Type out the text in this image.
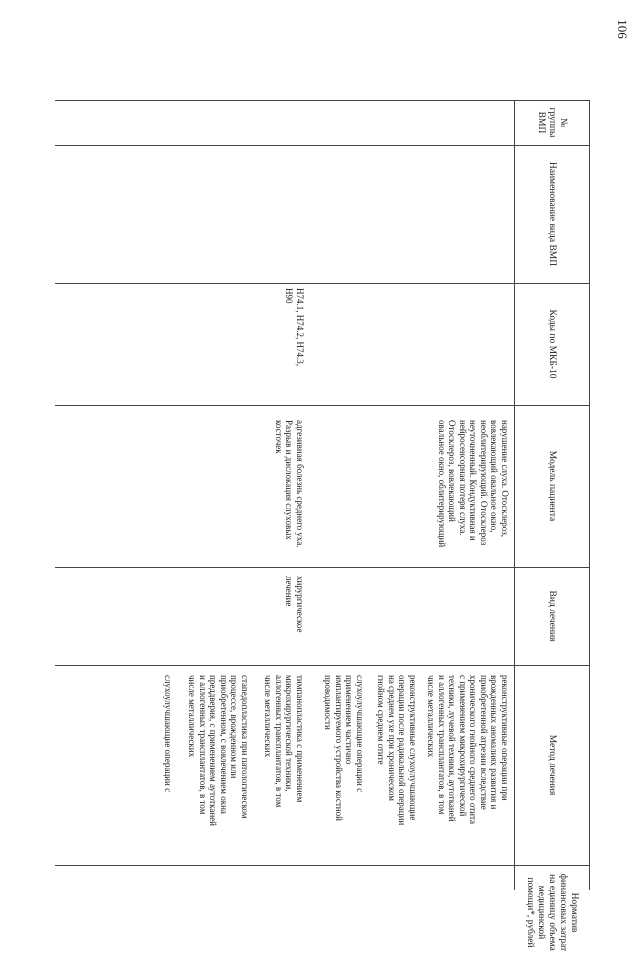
106
№
группы
ВМП
Наименование вида ВМП
Коды по МКБ-10
Модель пациента
Вид лечения
Метод лечения
Норматив
финансовых затрат
на единицу объема
медицинской
помощи*, рублей
нарушение слуха. Отосклероз,
вовлекающий овальное окно,
необлитерирующий. Отосклероз
неуточненный. Кондуктивная и
нейросенсорная потеря слуха.
Отосклероз, вовлекающий
овальное окно, облитерирующий
реконструктивные операции при
врожденных аномалиях развития и
приобретенной атрезии вследствие
хронического гнойного среднего отита
с применением микрохирургической
техники, лучевой техники, аутотканей
и аллогенных трансплантатов, в том
числе металлических
реконструктивные слухоулучшающие
операции после радикальной операции
на среднем ухе при хроническом
гнойном среднем отите
слухоулучшающие операции с
применением частично
имплантируемого устройства костной
проводимости
H74.1, H74.2, H74.3,
H90
адгезивная болезнь среднего уха.
Разрыв и дислокация слуховых
косточек
хирургическое
лечение
тимпанопластика с применением
микрохирургической техники,
аллогенных трансплантатов, в том
числе металлических
стапедопластика при патологическом
процессе, врожденном или
приобретенном, с вовлечением окна
преддверия, с применением аутотканей
и аллогенных трансплантатов, в том
числе металлических
слухоулучшающие операции с
